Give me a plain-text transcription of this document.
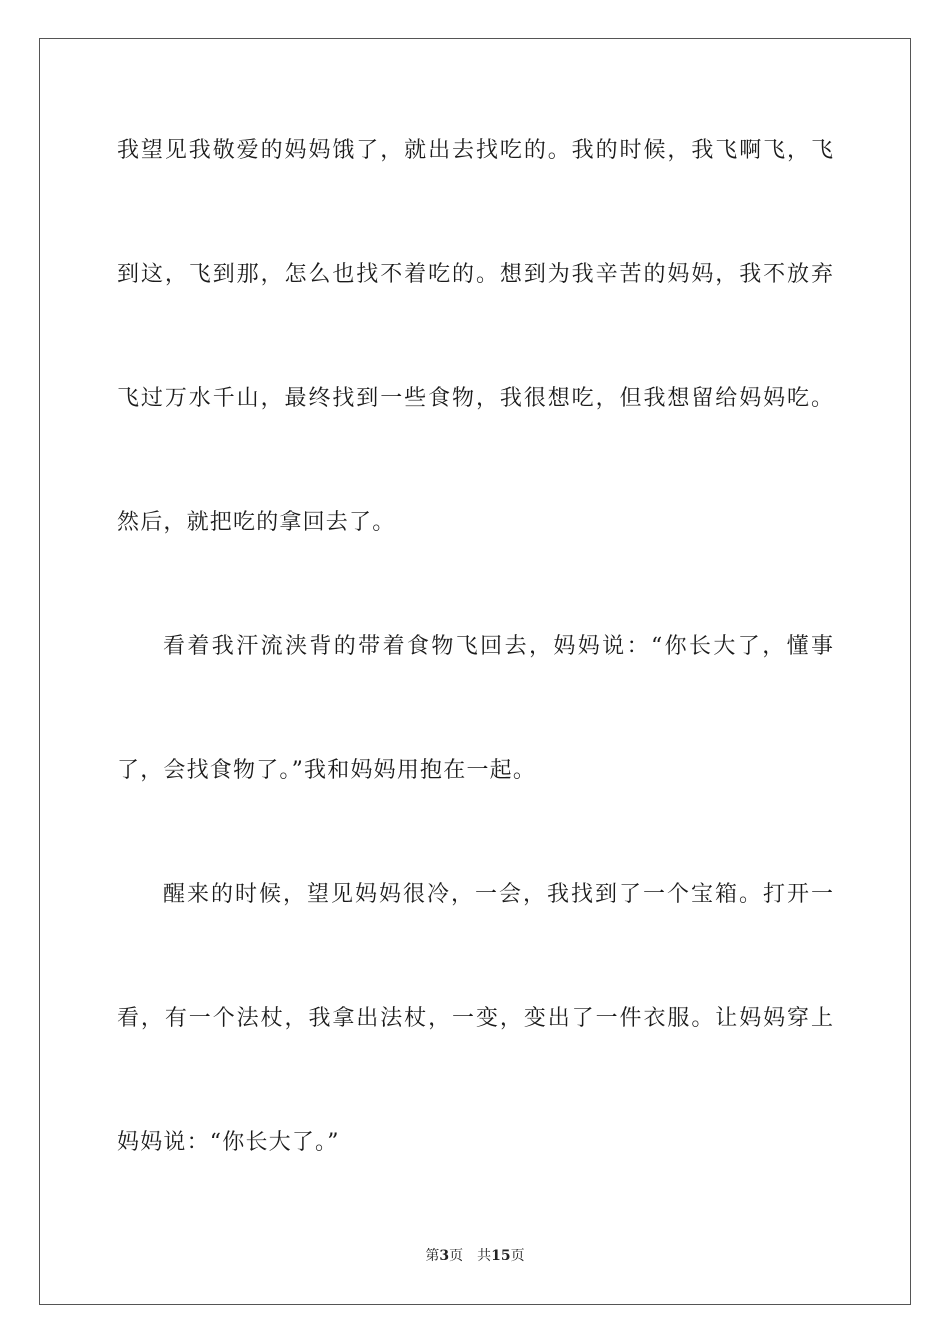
我望见我敬爱的妈妈饿了，就出去找吃的。我的时候，我飞啊飞，飞
到这，飞到那，怎么也找不着吃的。想到为我辛苦的妈妈，我不放弃
飞过万水千山，最终找到一些食物，我很想吃，但我想留给妈妈吃。
然后，就把吃的拿回去了。
看着我汗流浃背的带着食物飞回去，妈妈说：“你长大了，懂事
了，会找食物了。”我和妈妈用抱在一起。
醒来的时候，望见妈妈很冷，一会，我找到了一个宝箱。打开一
看，有一个法杖，我拿出法杖，一变，变出了一件衣服。让妈妈穿上
妈妈说：“你长大了。”
第3页 共15页
